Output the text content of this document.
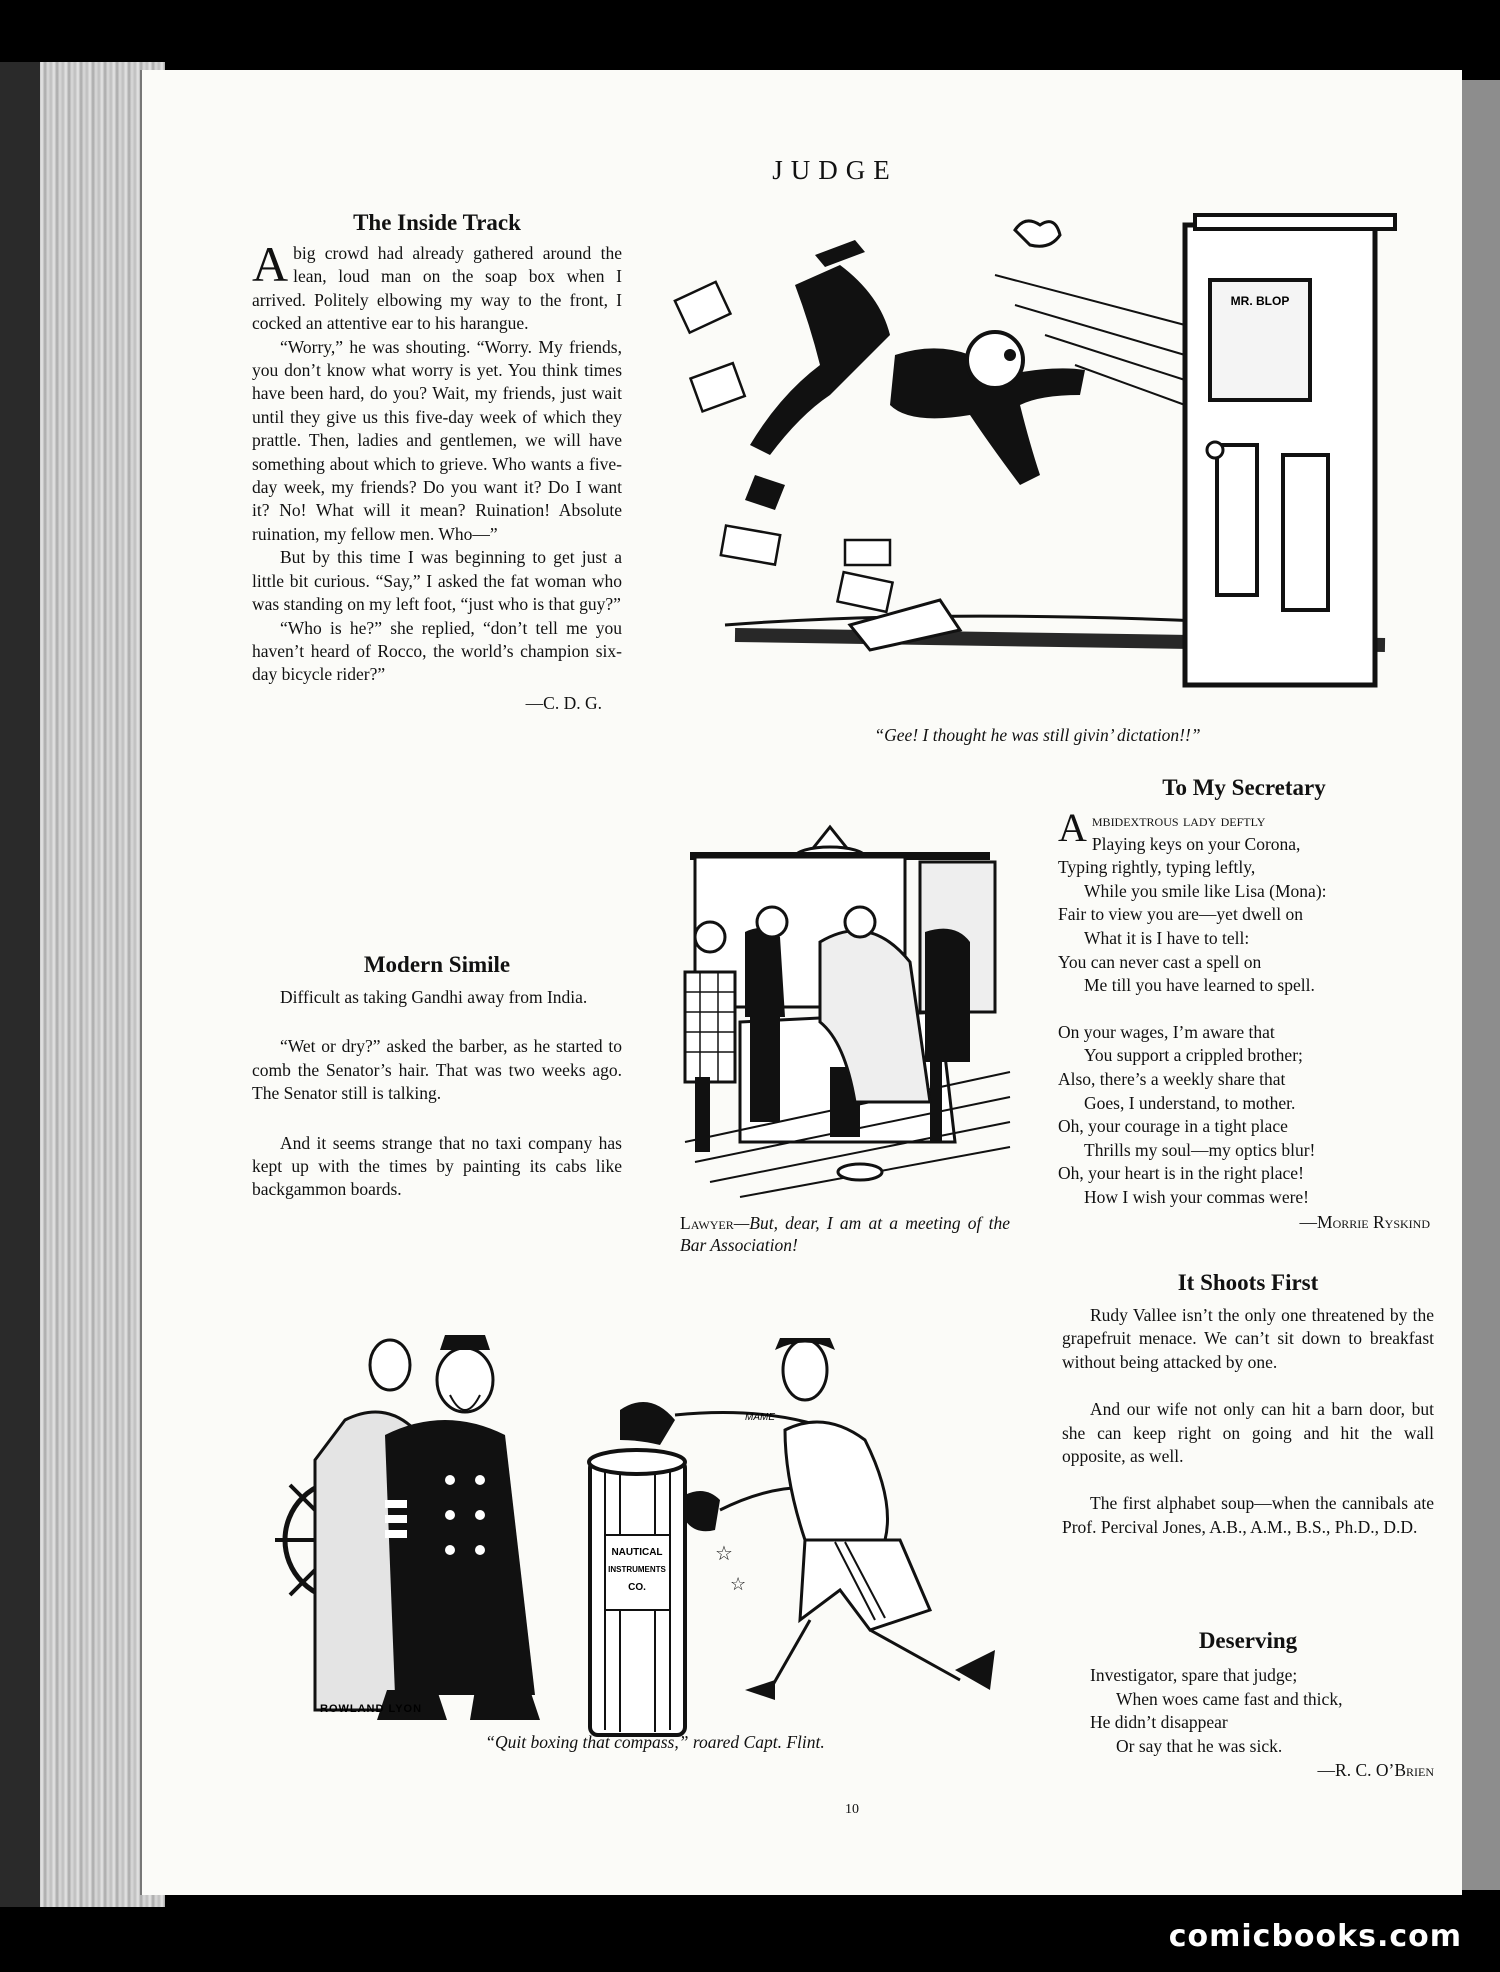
JUDGE
The Inside Track

Abig crowd had already gathered around the lean, loud man on the soap box when I arrived. Politely elbowing my way to the front, I cocked an attentive ear to his harangue.

“Worry,” he was shouting. “Worry. My friends, you don’t know what worry is yet. You think times have been hard, do you? Wait, my friends, just wait until they give us this five-day week of which they prattle. Then, ladies and gentlemen, we will have something about which to grieve. Who wants a five-day week, my friends? Do you want it? Do I want it? No! What will it mean? Ruination! Absolute ruination, my fellow men. Who—”

But by this time I was beginning to get just a little bit curious. “Say,” I asked the fat woman who was standing on my left foot, “just who is that guy?”

“Who is he?” she replied, “don’t tell me you haven’t heard of Rocco, the world’s champion six-day bicycle rider?”

—C. D. G.
Modern Simile

Difficult as taking Gandhi away from India.

“Wet or dry?” asked the barber, as he started to comb the Senator’s hair. That was two weeks ago. The Senator still is talking.

And it seems strange that no taxi company has kept up with the times by painting its cabs like backgammon boards.

MR. BLOP
“Gee! I thought he was still givin’ dictation!!”
Lawyer—But, dear, I am at a meeting of the Bar Association!
To My Secretary
Ambidextrous lady deftly
Playing keys on your Corona,
Typing rightly, typing leftly,
While you smile like Lisa (Mona):
Fair to view you are—yet dwell on
What it is I have to tell:
You can never cast a spell on
Me till you have learned to spell.
On your wages, I’m aware that
You support a crippled brother;
Also, there’s a weekly share that
Goes, I understand, to mother.
Oh, your courage in a tight place
Thrills my soul—my optics blur!
Oh, your heart is in the right place!
How I wish your commas were!
—Morrie Ryskind
It Shoots First

Rudy Vallee isn’t the only one threatened by the grapefruit menace. We can’t sit down to breakfast without being attacked by one.

And our wife not only can hit a barn door, but she can keep right on going and hit the wall opposite, as well.

The first alphabet soup—when the cannibals ate Prof. Percival Jones, A.B., A.M., B.S., Ph.D., D.D.

Deserving
Investigator, spare that judge;
When woes came fast and thick,
He didn’t disappear
Or say that he was sick.
—R. C. O’Brien
NAUTICAL
INSTRUMENTS
CO.
MAME
☆
☆
ROWLAND LYON
“Quit boxing that compass,” roared Capt. Flint.
10
comicbooks.com
